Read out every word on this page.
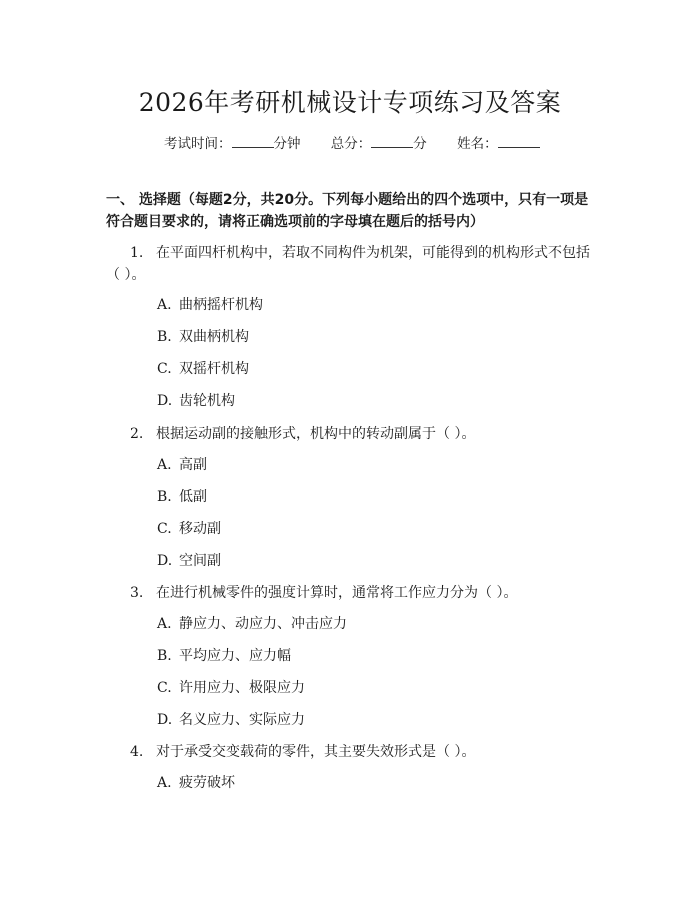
2026年考研机械设计专项练习及答案
考试时间：	分钟 总分：	分 姓名：
一、 选择题（每题2分，共20分。下列每小题给出的四个选项中，只有一项是符合题目要求的，请将正确选项前的字母填在题后的括号内）
1. 在平面四杆机构中，若取不同构件为机架，可能得到的机构形式不包括
（ ）。
A. 曲柄摇杆机构
B. 双曲柄机构
C. 双摇杆机构
D. 齿轮机构
2. 根据运动副的接触形式，机构中的转动副属于（ ）。
A. 高副
B. 低副
C. 移动副
D. 空间副
3. 在进行机械零件的强度计算时，通常将工作应力分为（ ）。
A. 静应力、动应力、冲击应力
B. 平均应力、应力幅
C. 许用应力、极限应力
D. 名义应力、实际应力
4. 对于承受交变载荷的零件，其主要失效形式是（ ）。
A. 疲劳破坏
